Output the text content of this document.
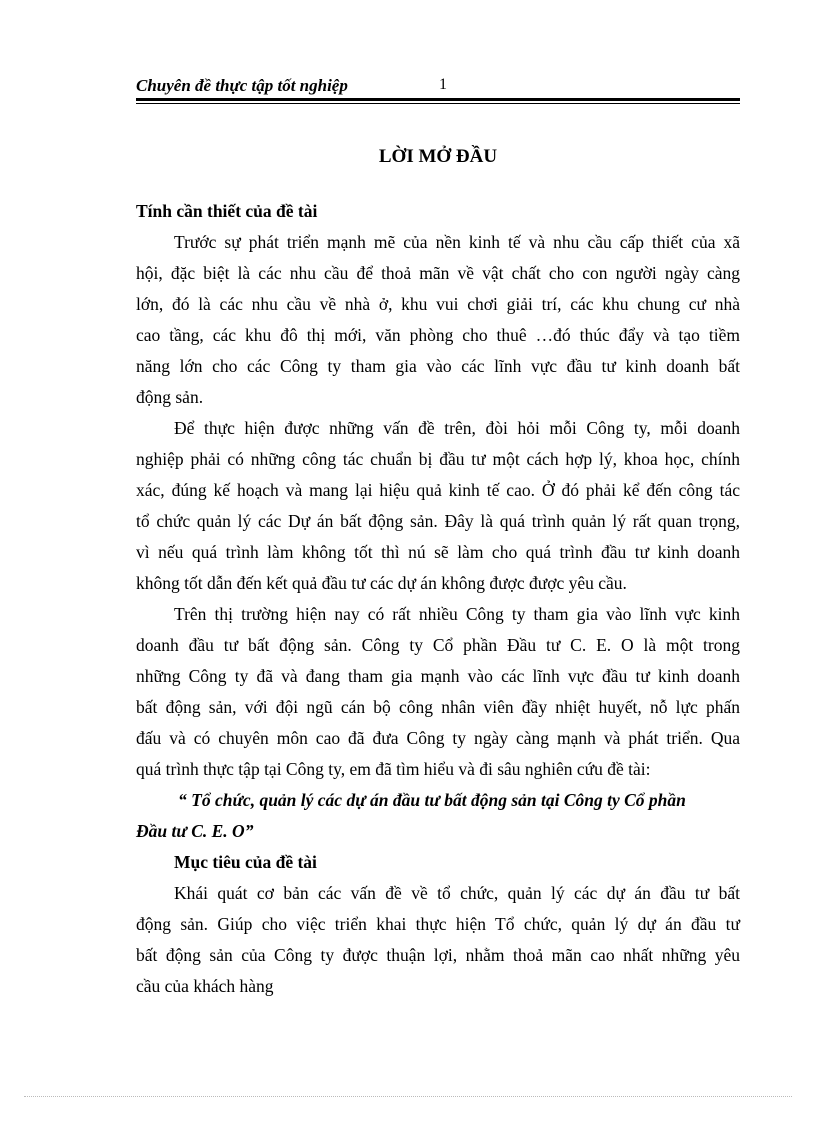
Chuyên đề thực tập tốt nghiệp	1
LỜI MỞ ĐẦU
Tính cần thiết của đề tài
Trước sự phát triển mạnh mẽ của nền kinh tế và nhu cầu cấp thiết của xã
hội, đặc biệt là các nhu cầu để thoả mãn về vật chất cho con người ngày càng
lớn, đó là các nhu cầu về nhà ở, khu vui chơi giải trí, các khu chung cư nhà
cao tầng, các khu đô thị mới, văn phòng cho thuê …đó thúc đẩy và tạo tiềm
năng lớn cho các Công ty tham gia vào các lĩnh vực đầu tư kinh doanh bất
động sản.
Để thực hiện được những vấn đề trên, đòi hỏi mỗi Công ty, mỗi doanh
nghiệp phải có những công tác chuẩn bị đầu tư một cách hợp lý, khoa học, chính
xác, đúng kế hoạch và mang lại hiệu quả kinh tế cao. Ở đó phải kể đến công tác
tổ chức quản lý các Dự án bất động sản. Đây là quá trình quản lý rất quan trọng,
vì nếu quá trình làm không tốt thì nú sẽ làm cho quá trình đầu tư kinh doanh
không tốt dẫn đến kết quả đầu tư các dự án không được được yêu cầu.
Trên thị trường hiện nay có rất nhiều Công ty tham gia vào lĩnh vực kinh
doanh đầu tư bất động sản. Công ty Cổ phần Đầu tư C. E. O là một trong
những Công ty đã và đang tham gia mạnh vào các lĩnh vực đầu tư kinh doanh
bất động sản, với đội ngũ cán bộ công nhân viên đầy nhiệt huyết, nỗ lực phấn
đấu và có chuyên môn cao đã đưa Công ty ngày càng mạnh và phát triển. Qua
quá trình thực tập tại Công ty, em đã tìm hiểu và đi sâu nghiên cứu đề tài:
“ Tổ chức, quản lý các dự án đầu tư bất động sản tại Công ty Cổ phần
Đầu tư C. E. O”
Mục tiêu của đề tài
Khái quát cơ bản các vấn đề về tổ chức, quản lý các dự án đầu tư bất
động sản. Giúp cho việc triển khai thực hiện Tổ chức, quản lý dự án đầu tư
bất động sản của Công ty được thuận lợi, nhằm thoả mãn cao nhất những yêu
cầu của khách hàng
